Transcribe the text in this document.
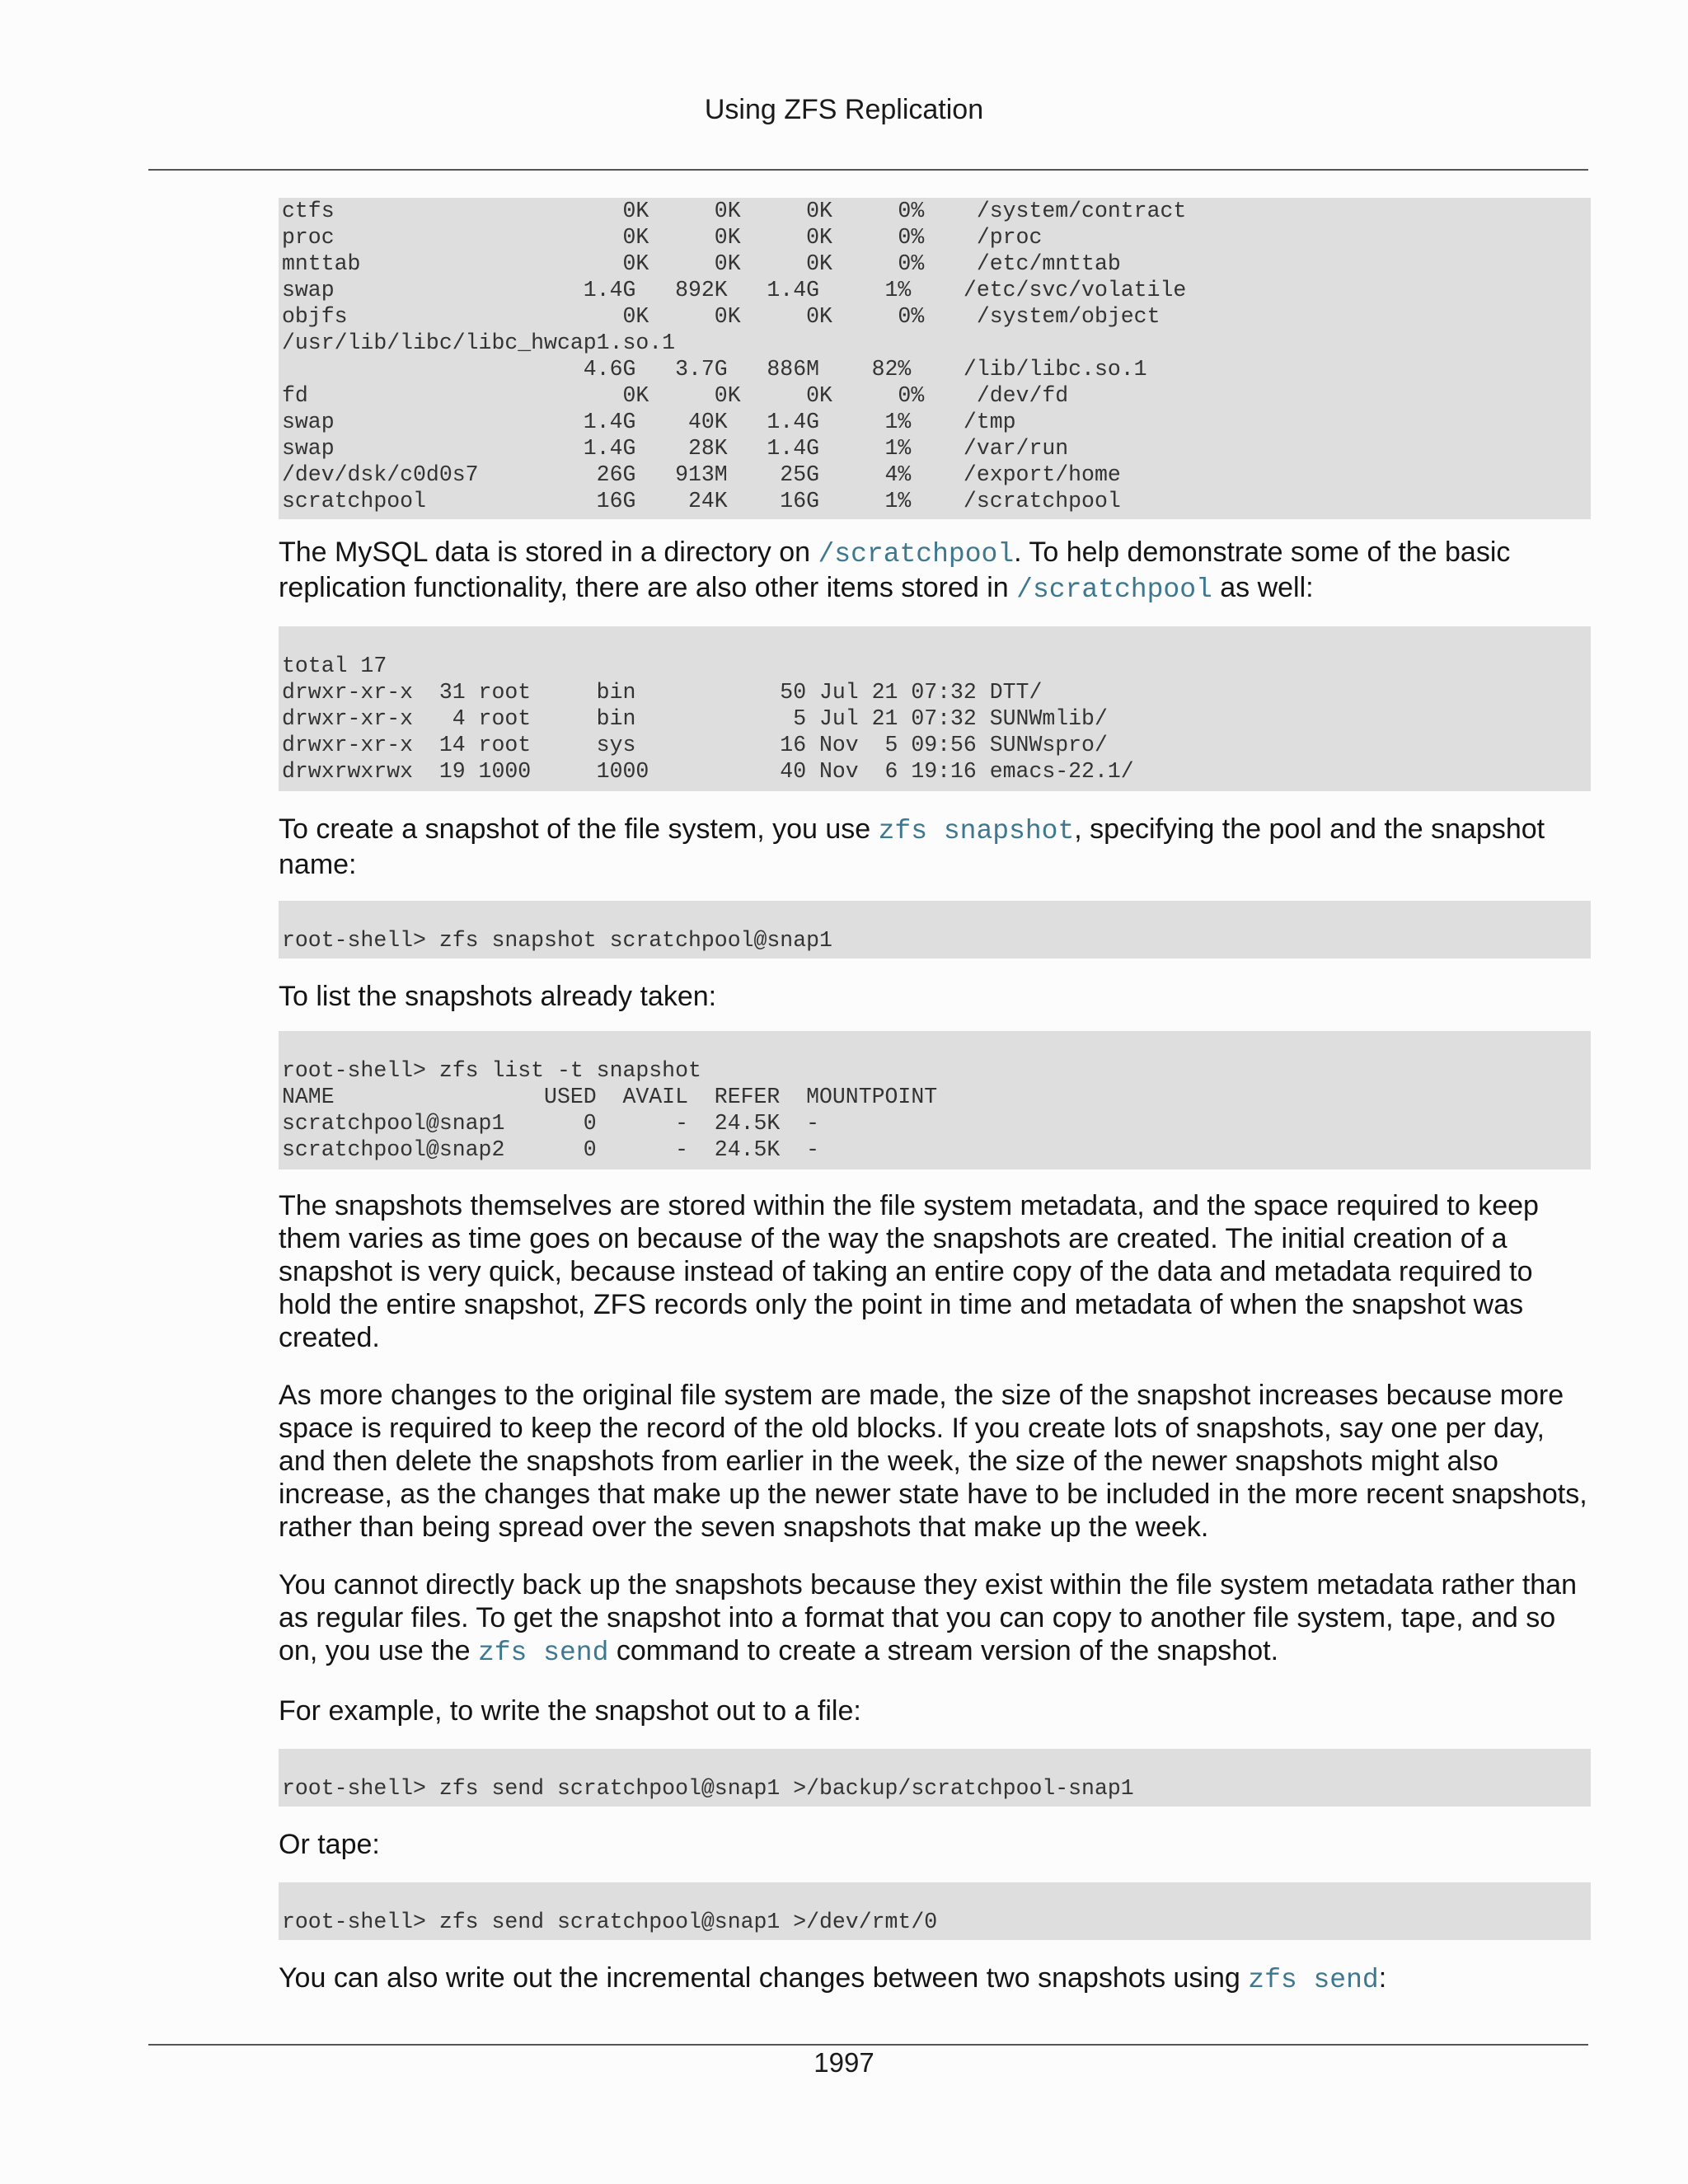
Using ZFS Replication
ctfs                      0K     0K     0K     0%    /system/contract
proc                      0K     0K     0K     0%    /proc
mnttab                    0K     0K     0K     0%    /etc/mnttab
swap                   1.4G   892K   1.4G     1%    /etc/svc/volatile
objfs                     0K     0K     0K     0%    /system/object
/usr/lib/libc/libc_hwcap1.so.1
4.6G   3.7G   886M    82%    /lib/libc.so.1
fd                        0K     0K     0K     0%    /dev/fd
swap                   1.4G    40K   1.4G     1%    /tmp
swap                   1.4G    28K   1.4G     1%    /var/run
/dev/dsk/c0d0s7         26G   913M    25G     4%    /export/home
scratchpool             16G    24K    16G     1%    /scratchpool

The MySQL data is stored in a directory on /scratchpool. To help demonstrate some of the basic replication functionality, there are also other items stored in /scratchpool as well:

total 17
drwxr-xr-x  31 root     bin           50 Jul 21 07:32 DTT/
drwxr-xr-x   4 root     bin            5 Jul 21 07:32 SUNWmlib/
drwxr-xr-x  14 root     sys           16 Nov  5 09:56 SUNWspro/
drwxrwxrwx  19 1000     1000          40 Nov  6 19:16 emacs-22.1/

To create a snapshot of the file system, you use zfs snapshot, specifying the pool and the snapshot name:

root-shell> zfs snapshot scratchpool@snap1

To list the snapshots already taken:

root-shell> zfs list -t snapshot
NAME                USED  AVAIL  REFER  MOUNTPOINT
scratchpool@snap1      0      -  24.5K  -
scratchpool@snap2      0      -  24.5K  -

The snapshots themselves are stored within the file system metadata, and the space required to keep them varies as time goes on because of the way the snapshots are created. The initial creation of a snapshot is very quick, because instead of taking an entire copy of the data and metadata required to hold the entire snapshot, ZFS records only the point in time and metadata of when the snapshot was created.

As more changes to the original file system are made, the size of the snapshot increases because more space is required to keep the record of the old blocks. If you create lots of snapshots, say one per day, and then delete the snapshots from earlier in the week, the size of the newer snapshots might also increase, as the changes that make up the newer state have to be included in the more recent snapshots, rather than being spread over the seven snapshots that make up the week.

You cannot directly back up the snapshots because they exist within the file system metadata rather than as regular files. To get the snapshot into a format that you can copy to another file system, tape, and so on, you use the zfs send command to create a stream version of the snapshot.

For example, to write the snapshot out to a file:

root-shell> zfs send scratchpool@snap1 >/backup/scratchpool-snap1

Or tape:

root-shell> zfs send scratchpool@snap1 >/dev/rmt/0

You can also write out the incremental changes between two snapshots using zfs send:

1997
